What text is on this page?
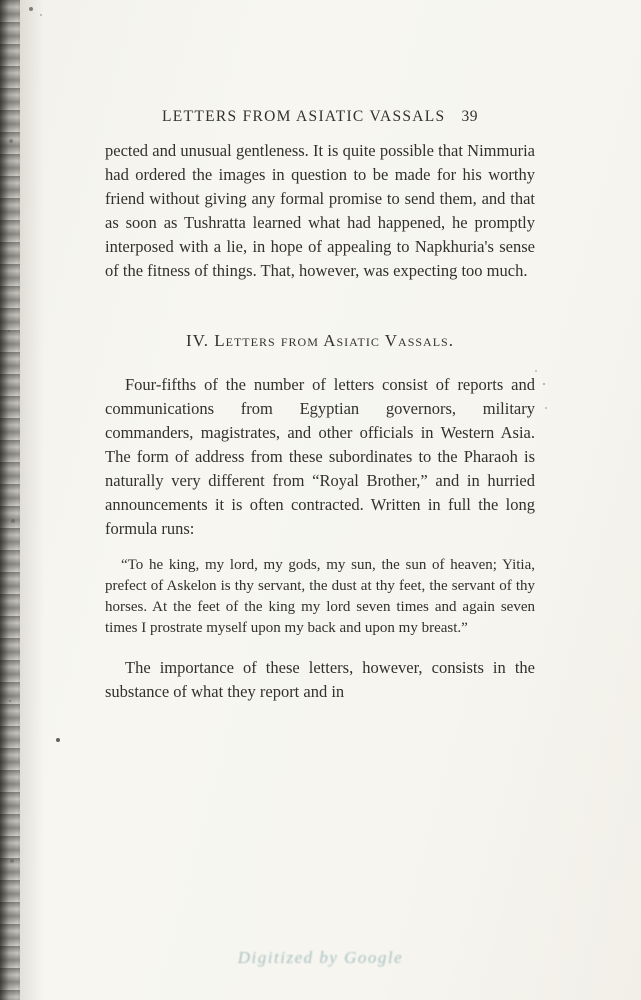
LETTERS FROM ASIATIC VASSALS 39

pected and unusual gentleness. It is quite possible that Nimmuria had ordered the images in question to be made for his worthy friend without giving any formal promise to send them, and that as soon as Tushratta learned what had happened, he promptly interposed with a lie, in hope of appealing to Napkhuria's sense of the fitness of things. That, however, was expecting too much.

IV. Letters from Asiatic Vassals.

Four-fifths of the number of letters consist of reports and communications from Egyptian governors, military commanders, magistrates, and other officials in Western Asia. The form of address from these subordinates to the Pharaoh is naturally very different from “Royal Brother,” and in hurried announcements it is often contracted. Written in full the long formula runs:

“To he king, my lord, my gods, my sun, the sun of heaven; Yitia, prefect of Askelon is thy servant, the dust at thy feet, the servant of thy horses. At the feet of the king my lord seven times and again seven times I prostrate myself upon my back and upon my breast.”

The importance of these letters, however, consists in the substance of what they report and in

Digitized by Google
